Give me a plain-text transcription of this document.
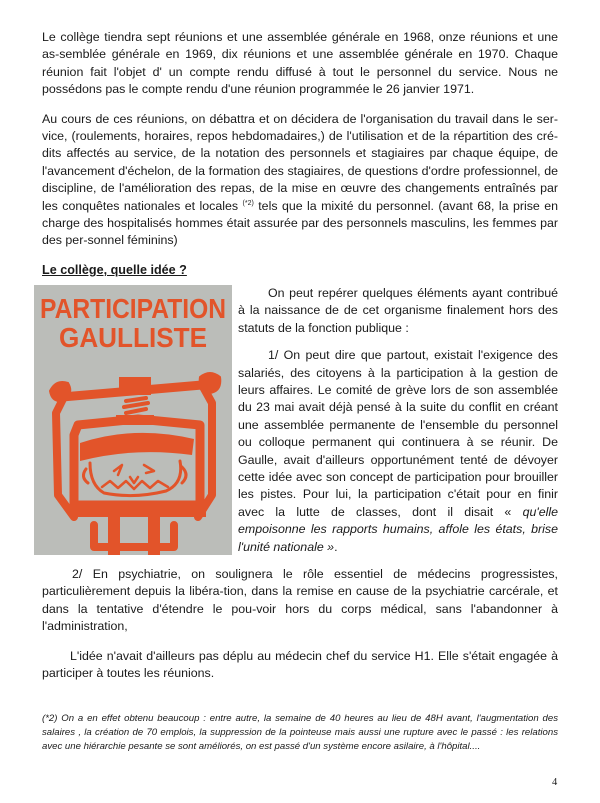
Le collège tiendra sept réunions et une assemblée générale en 1968, onze réunions et une as-semblée générale en 1969, dix réunions et une assemblée générale en 1970. Chaque réunion fait l'objet d' un compte rendu diffusé à tout le personnel du service. Nous ne possédons pas le compte rendu d'une réunion programmée le 26 janvier 1971.

Au cours de ces réunions, on débattra et on décidera de l'organisation du travail dans le ser-vice, (roulements, horaires, repos hebdomadaires,) de l'utilisation et de la répartition des cré-dits affectés au service, de la notation des personnels et stagiaires par chaque équipe, de l'avancement d'échelon, de la formation des stagiaires, de questions d'ordre professionnel, de discipline, de l'amélioration des repas, de la mise en œuvre des changements entraînés par les conquêtes nationales et locales $^{(*2)}$ tels que la mixité du personnel. (avant 68, la prise en charge des hospitalisés hommes était assurée par des personnels masculins, les femmes par des per-sonnel féminins)

Le collège, quelle idée ?
PARTICIPATION
GAULLISTE

On peut repérer quelques éléments ayant contribué à la naissance de de cet organisme finalement hors des statuts de la fonction publique :

1/ On peut dire que partout, existait l'exigence des salariés, des citoyens à la participation à la gestion de leurs affaires. Le comité de grève lors de son assemblée du 23 mai avait déjà pensé à la suite du conflit en créant une assemblée permanente de l'ensemble du personnel ou colloque permanent qui continuera à se réunir. De Gaulle, avait d'ailleurs opportunément tenté de dévoyer cette idée avec son concept de participation pour brouiller les pistes. Pour lui, la participation c'était pour en finir avec la lutte de classes, dont il disait « qu'elle empoisonne les rapports humains, affole les états, brise l'unité nationale ».

2/ En psychiatrie, on soulignera le rôle essentiel de médecins progressistes, particulièrement depuis la libéra-tion, dans la remise en cause de la psychiatrie carcérale, et dans la tentative d'étendre le pou-voir hors du corps médical, sans l'abandonner à l'administration,

L'idée n'avait d'ailleurs pas déplu au médecin chef du service H1. Elle s'était engagée à participer à toutes les réunions.

(*2) On a en effet obtenu beaucoup : entre autre, la semaine de 40 heures au lieu de 48H avant, l'augmentation des salaires , la création de 70 emplois, la suppression de la pointeuse mais aussi une rupture avec le passé : les relations avec une hiérarchie pesante se sont améliorés, on est passé d'un système encore asilaire, à l'hôpital....

4
